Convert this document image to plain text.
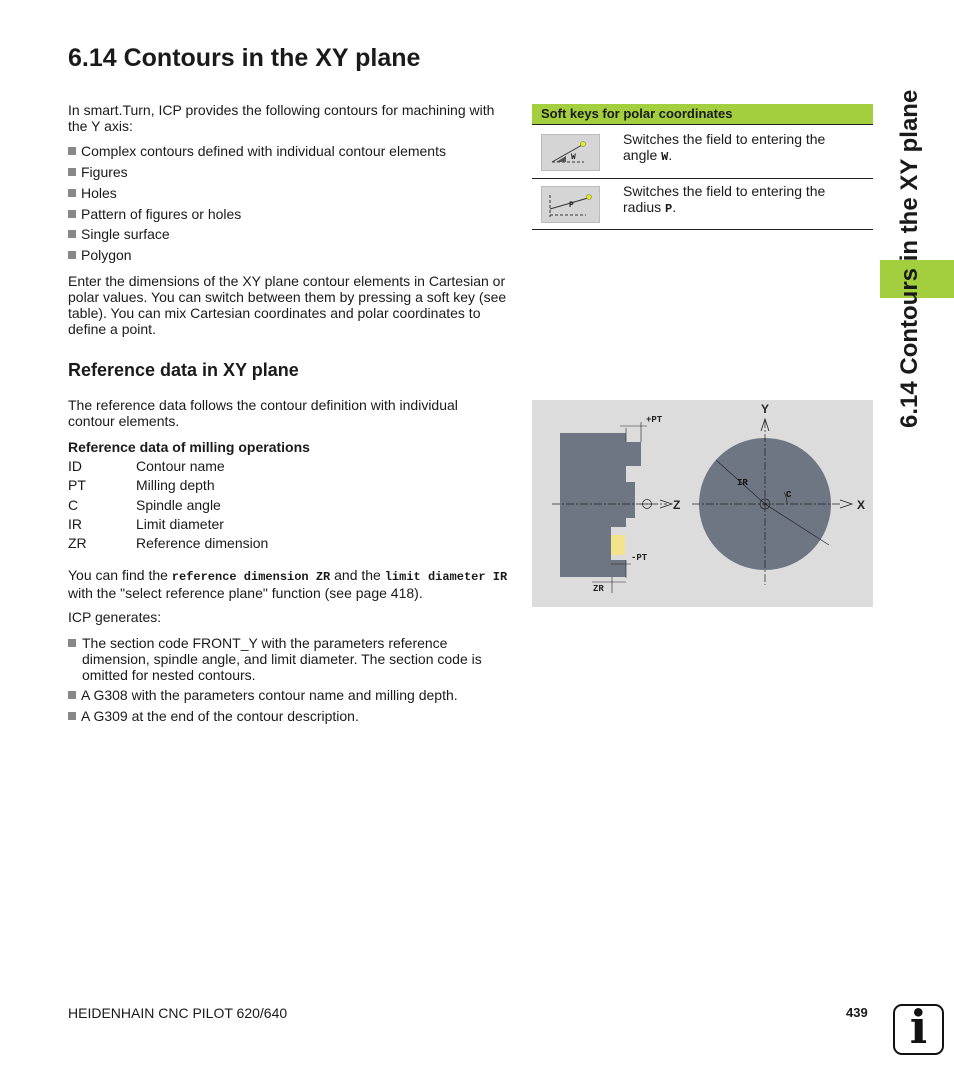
6.14 Contours in the XY plane
6.14 Contours in the XY plane
In smart.Turn, ICP provides the following contours for machining with the Y axis:
Complex contours defined with individual contour elements
Figures
Holes
Pattern of figures or holes
Single surface
Polygon
Enter the dimensions of the XY plane contour elements in Cartesian or polar values. You can switch between them by pressing a soft key (see table). You can mix Cartesian coordinates and polar coordinates to define a point.
Reference data in XY plane
The reference data follows the contour definition with individual contour elements.
Reference data of milling operations
ID	Contour name
PT	Milling depth
C	Spindle angle
IR	Limit diameter
ZR	Reference dimension
You can find the reference dimension ZR and the limit diameter IR with the "select reference plane" function (see page 418).
ICP generates:
The section code FRONT_Y with the parameters reference dimension, spindle angle, and limit diameter. The section code is omitted for nested contours.
A G308 with the parameters contour name and milling depth.
A G309 at the end of the contour description.
Soft keys for polar coordinates
W
Switches the field to entering the angle W.
P
Switches the field to entering the radius P.
Z
+PT
-PT
ZR
IR
C
X
Y
HEIDENHAIN CNC PILOT 620/640	439 i
